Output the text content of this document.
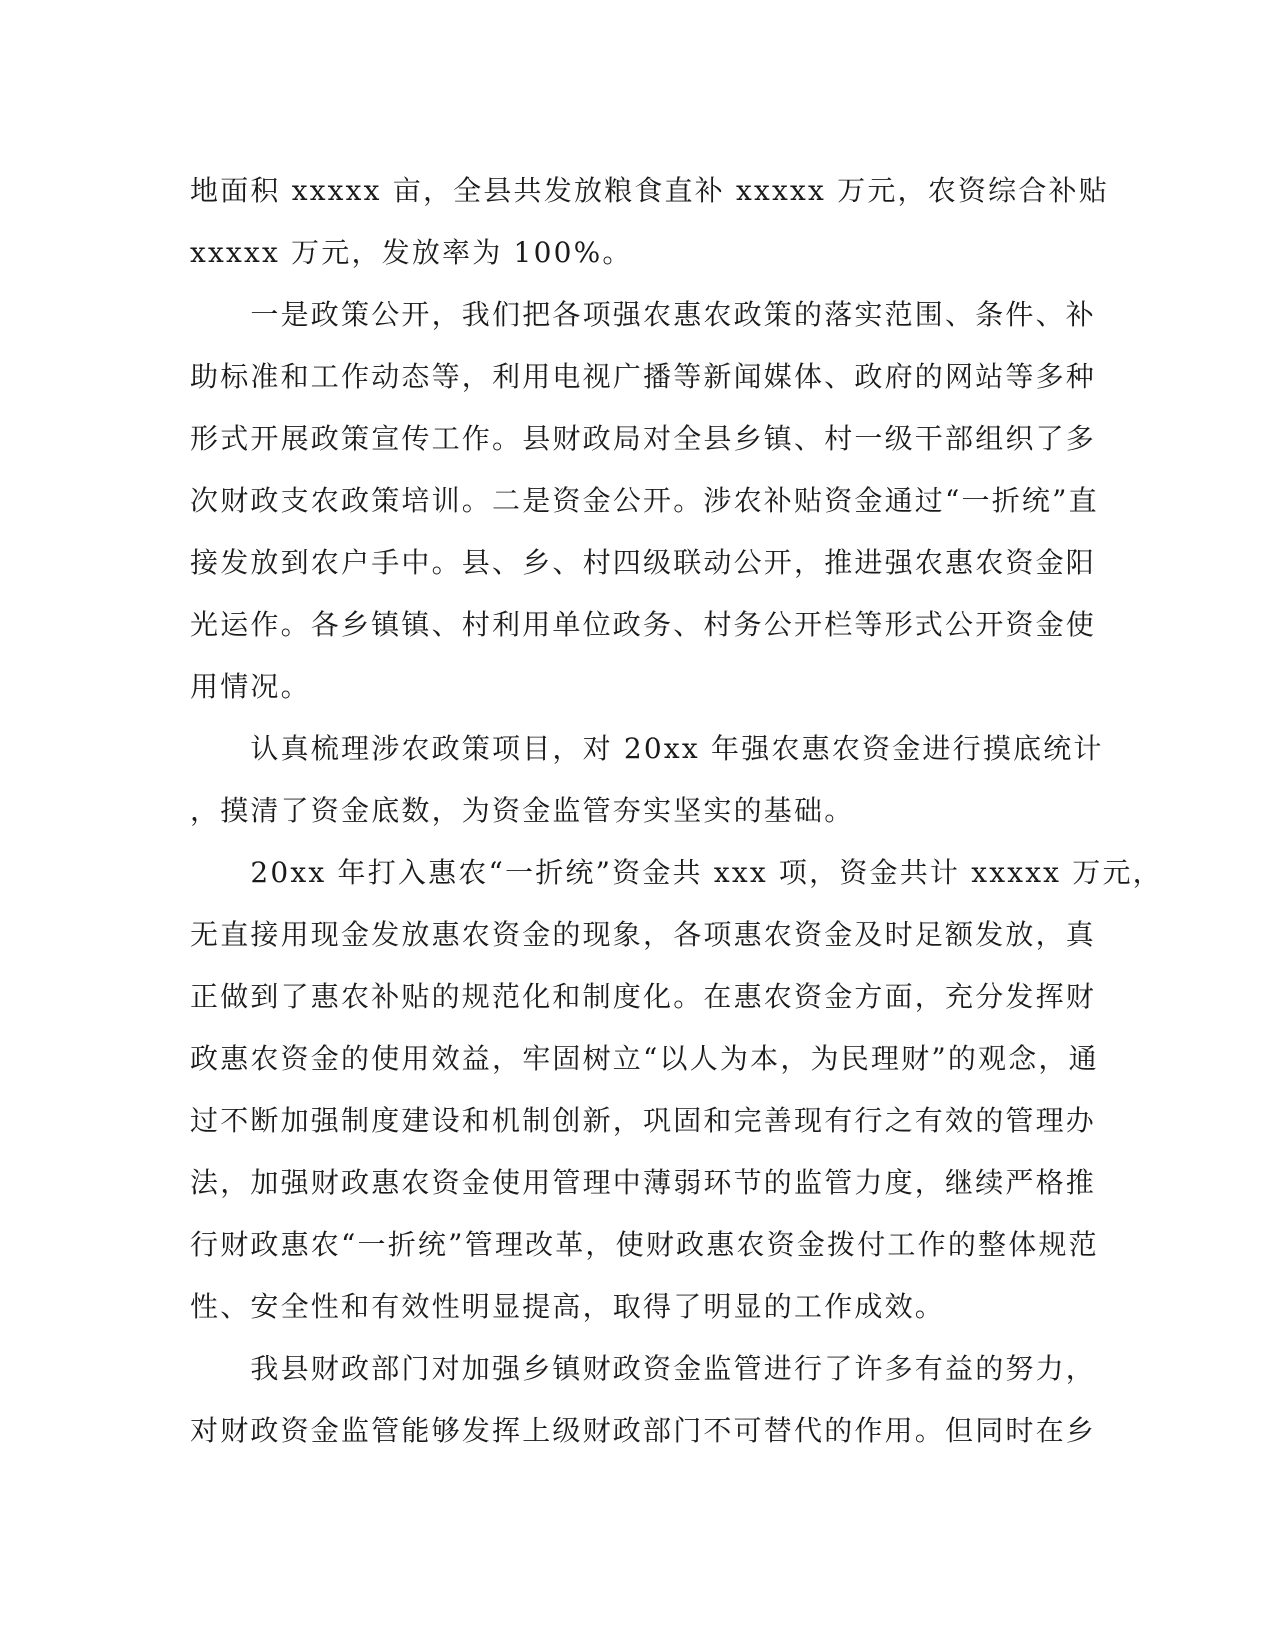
地面积 xxxxx 亩，全县共发放粮食直补 xxxxx 万元，农资综合补贴
xxxxx 万元，发放率为 100%。
　　一是政策公开，我们把各项强农惠农政策的落实范围、条件、补
助标准和工作动态等，利用电视广播等新闻媒体、政府的网站等多种
形式开展政策宣传工作。县财政局对全县乡镇、村一级干部组织了多
次财政支农政策培训。二是资金公开。涉农补贴资金通过“一折统”直
接发放到农户手中。县、乡、村四级联动公开，推进强农惠农资金阳
光运作。各乡镇镇、村利用单位政务、村务公开栏等形式公开资金使
用情况。
　　认真梳理涉农政策项目，对 20xx 年强农惠农资金进行摸底统计
，摸清了资金底数，为资金监管夯实坚实的基础。
　　20xx 年打入惠农“一折统”资金共 xxx 项，资金共计 xxxxx 万元，
无直接用现金发放惠农资金的现象，各项惠农资金及时足额发放，真
正做到了惠农补贴的规范化和制度化。在惠农资金方面，充分发挥财
政惠农资金的使用效益，牢固树立“以人为本，为民理财”的观念，通
过不断加强制度建设和机制创新，巩固和完善现有行之有效的管理办
法，加强财政惠农资金使用管理中薄弱环节的监管力度，继续严格推
行财政惠农“一折统”管理改革，使财政惠农资金拨付工作的整体规范
性、安全性和有效性明显提高，取得了明显的工作成效。
　　我县财政部门对加强乡镇财政资金监管进行了许多有益的努力，
对财政资金监管能够发挥上级财政部门不可替代的作用。但同时在乡
